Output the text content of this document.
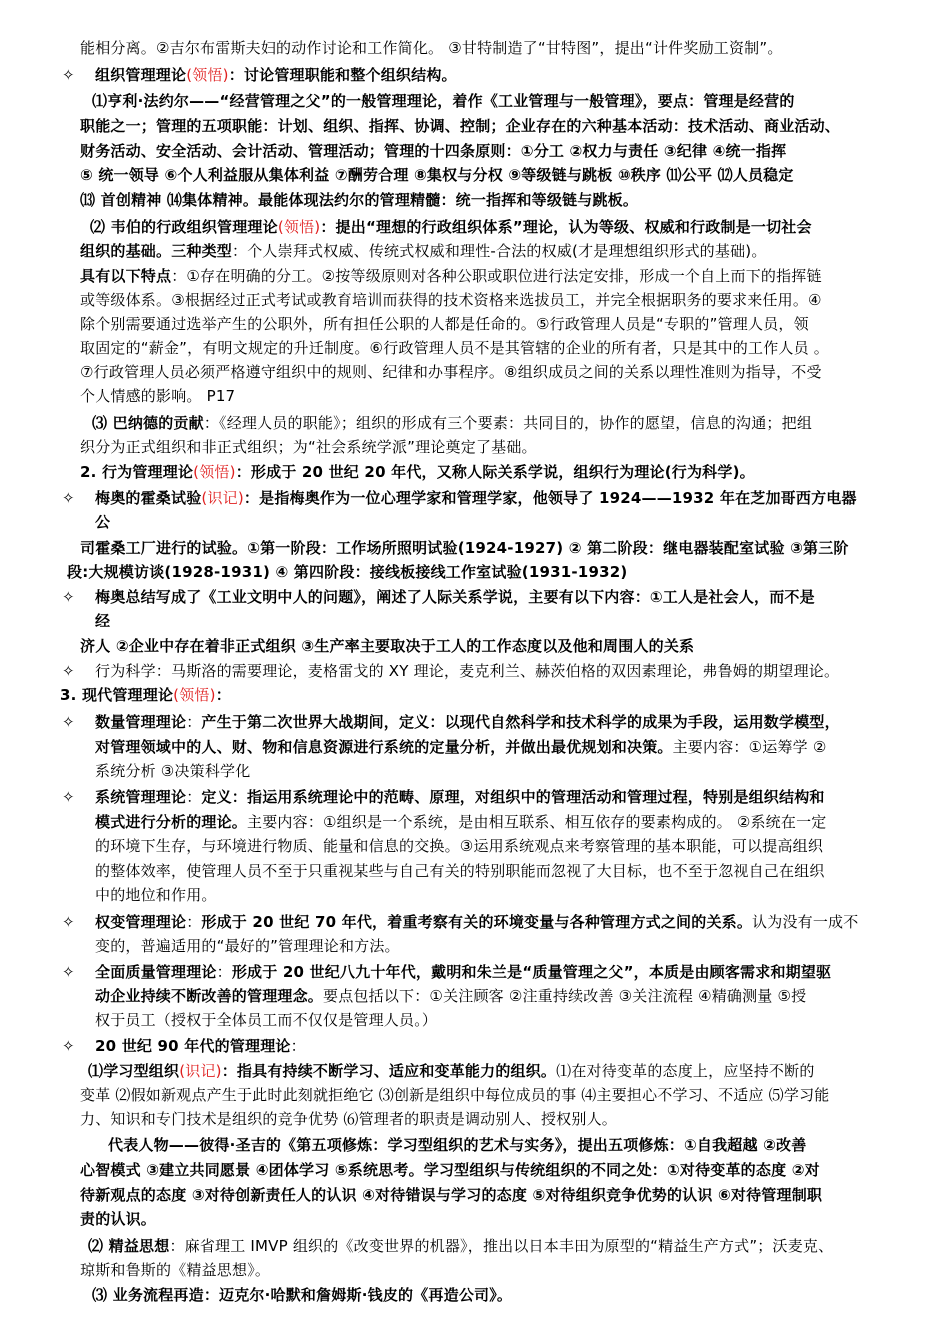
能相分离。②吉尔布雷斯夫妇的动作讨论和工作简化。 ③甘特制造了“甘特图”，提出“计件奖励工资制”。
✧ 组织管理理论(领悟)：讨论管理职能和整个组织结构。
⑴亨利·法约尔——“经营管理之父”的一般管理理论，着作《工业管理与一般管理》，要点：管理是经营的
职能之一；管理的五项职能：计划、组织、指挥、协调、控制；企业存在的六种基本活动：技术活动、商业活动、
财务活动、安全活动、会计活动、管理活动；管理的十四条原则：①分工 ②权力与责任 ③纪律 ④统一指挥
⑤ 统一领导 ⑥个人利益服从集体利益 ⑦酬劳合理 ⑧集权与分权 ⑨等级链与跳板 ⑩秩序 ⑾公平 ⑿人员稳定
⒀ 首创精神 ⒁集体精神。最能体现法约尔的管理精髓：统一指挥和等级链与跳板。
⑵ 韦伯的行政组织管理理论(领悟)：提出“理想的行政组织体系”理论，认为等级、权威和行政制是一切社会
组织的基础。三种类型：个人崇拜式权威、传统式权威和理性-合法的权威(才是理想组织形式的基础)。
具有以下特点：①存在明确的分工。②按等级原则对各种公职或职位进行法定安排，形成一个自上而下的指挥链
或等级体系。③根据经过正式考试或教育培训而获得的技术资格来选拔员工，并完全根据职务的要求来任用。④
除个别需要通过选举产生的公职外，所有担任公职的人都是任命的。⑤行政管理人员是“专职的”管理人员，领
取固定的“薪金”，有明文规定的升迁制度。⑥行政管理人员不是其管辖的企业的所有者，只是其中的工作人员 。
⑦行政管理人员必须严格遵守组织中的规则、纪律和办事程序。⑧组织成员之间的关系以理性准则为指导，不受
个人情感的影响。 P17
⑶ 巴纳德的贡献：《经理人员的职能》；组织的形成有三个要素：共同目的，协作的愿望，信息的沟通；把组
织分为正式组织和非正式组织；为“社会系统学派”理论奠定了基础。
2. 行为管理理论(领悟)：形成于 20 世纪 20 年代，又称人际关系学说，组织行为理论(行为科学)。
✧ 梅奥的霍桑试验(识记)：是指梅奥作为一位心理学家和管理学家，他领导了 1924——1932 年在芝加哥西方电器
公
司霍桑工厂进行的试验。①第一阶段：工作场所照明试验(1924-1927) ② 第二阶段：继电器装配室试验 ③第三阶
段:大规模访谈(1928-1931) ④ 第四阶段：接线板接线工作室试验(1931-1932)
✧ 梅奥总结写成了《工业文明中人的问题》，阐述了人际关系学说，主要有以下内容：①工人是社会人，而不是
经
济人 ②企业中存在着非正式组织 ③生产率主要取决于工人的工作态度以及他和周围人的关系
✧ 行为科学：马斯洛的需要理论，麦格雷戈的 XY 理论，麦克利兰、赫茨伯格的双因素理论，弗鲁姆的期望理论。
3. 现代管理理论(领悟)：
✧ 数量管理理论：产生于第二次世界大战期间，定义：以现代自然科学和技术科学的成果为手段，运用数学模型，
对管理领域中的人、财、物和信息资源进行系统的定量分析，并做出最优规划和决策。主要内容：①运筹学 ②
系统分析 ③决策科学化
✧ 系统管理理论：定义：指运用系统理论中的范畴、原理，对组织中的管理活动和管理过程，特别是组织结构和
模式进行分析的理论。主要内容：①组织是一个系统，是由相互联系、相互依存的要素构成的。 ②系统在一定
的环境下生存，与环境进行物质、能量和信息的交换。③运用系统观点来考察管理的基本职能，可以提高组织
的整体效率，使管理人员不至于只重视某些与自己有关的特别职能而忽视了大目标，也不至于忽视自己在组织
中的地位和作用。
✧ 权变管理理论：形成于 20 世纪 70 年代，着重考察有关的环境变量与各种管理方式之间的关系。认为没有一成不
变的，普遍适用的“最好的”管理理论和方法。
✧ 全面质量管理理论：形成于 20 世纪八九十年代，戴明和朱兰是“质量管理之父”，本质是由顾客需求和期望驱
动企业持续不断改善的管理理念。要点包括以下：①关注顾客 ②注重持续改善 ③关注流程 ④精确测量 ⑤授
权于员工（授权于全体员工而不仅仅是管理人员。）
✧ 20 世纪 90 年代的管理理论：
⑴学习型组织(识记)：指具有持续不断学习、适应和变革能力的组织。⑴在对待变革的态度上，应坚持不断的
变革 ⑵假如新观点产生于此时此刻就拒绝它 ⑶创新是组织中每位成员的事 ⑷主要担心不学习、不适应 ⑸学习能
力、知识和专门技术是组织的竞争优势 ⑹管理者的职责是调动别人、授权别人。
代表人物——彼得·圣吉的《第五项修炼：学习型组织的艺术与实务》，提出五项修炼：①自我超越 ②改善
心智模式 ③建立共同愿景 ④团体学习 ⑤系统思考。学习型组织与传统组织的不同之处：①对待变革的态度 ②对
待新观点的态度 ③对待创新责任人的认识 ④对待错误与学习的态度 ⑤对待组织竞争优势的认识 ⑥对待管理制职
责的认识。
⑵ 精益思想：麻省理工 IMVP 组织的《改变世界的机器》，推出以日本丰田为原型的“精益生产方式”；沃麦克、
琼斯和鲁斯的《精益思想》。
⑶ 业务流程再造：迈克尔·哈默和詹姆斯·钱皮的《再造公司》。
